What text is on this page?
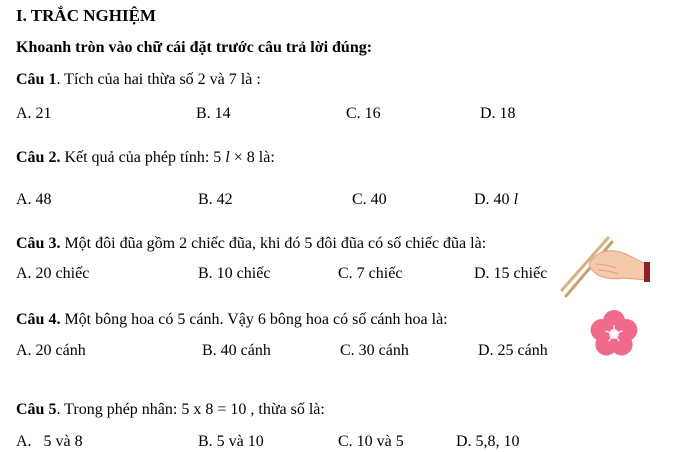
I. TRẮC NGHIỆM
Khoanh tròn vào chữ cái đặt trước câu trả lời đúng:
Câu 1. Tích của hai thừa số 2 và 7 là :
A. 21	B. 14	C. 16	D. 18
Câu 2. Kết quả của phép tính: 5 l × 8 là:
A. 48	B. 42	C. 40	D. 40 l
Câu 3. Một đôi đũa gồm 2 chiếc đũa, khi đó 5 đôi đũa có số chiếc đũa là:
A. 20 chiếc	B. 10 chiếc	C. 7 chiếc	D. 15 chiếc
Câu 4. Một bông hoa có 5 cánh. Vậy 6 bông hoa có số cánh hoa là:
A. 20 cánh	B. 40 cánh	C. 30 cánh	D. 25 cánh
Câu 5. Trong phép nhân: 5 x 8 = 10 , thừa số là:
A.   5 và 8	B. 5 và 10	C. 10 và 5	D. 5,8, 10
